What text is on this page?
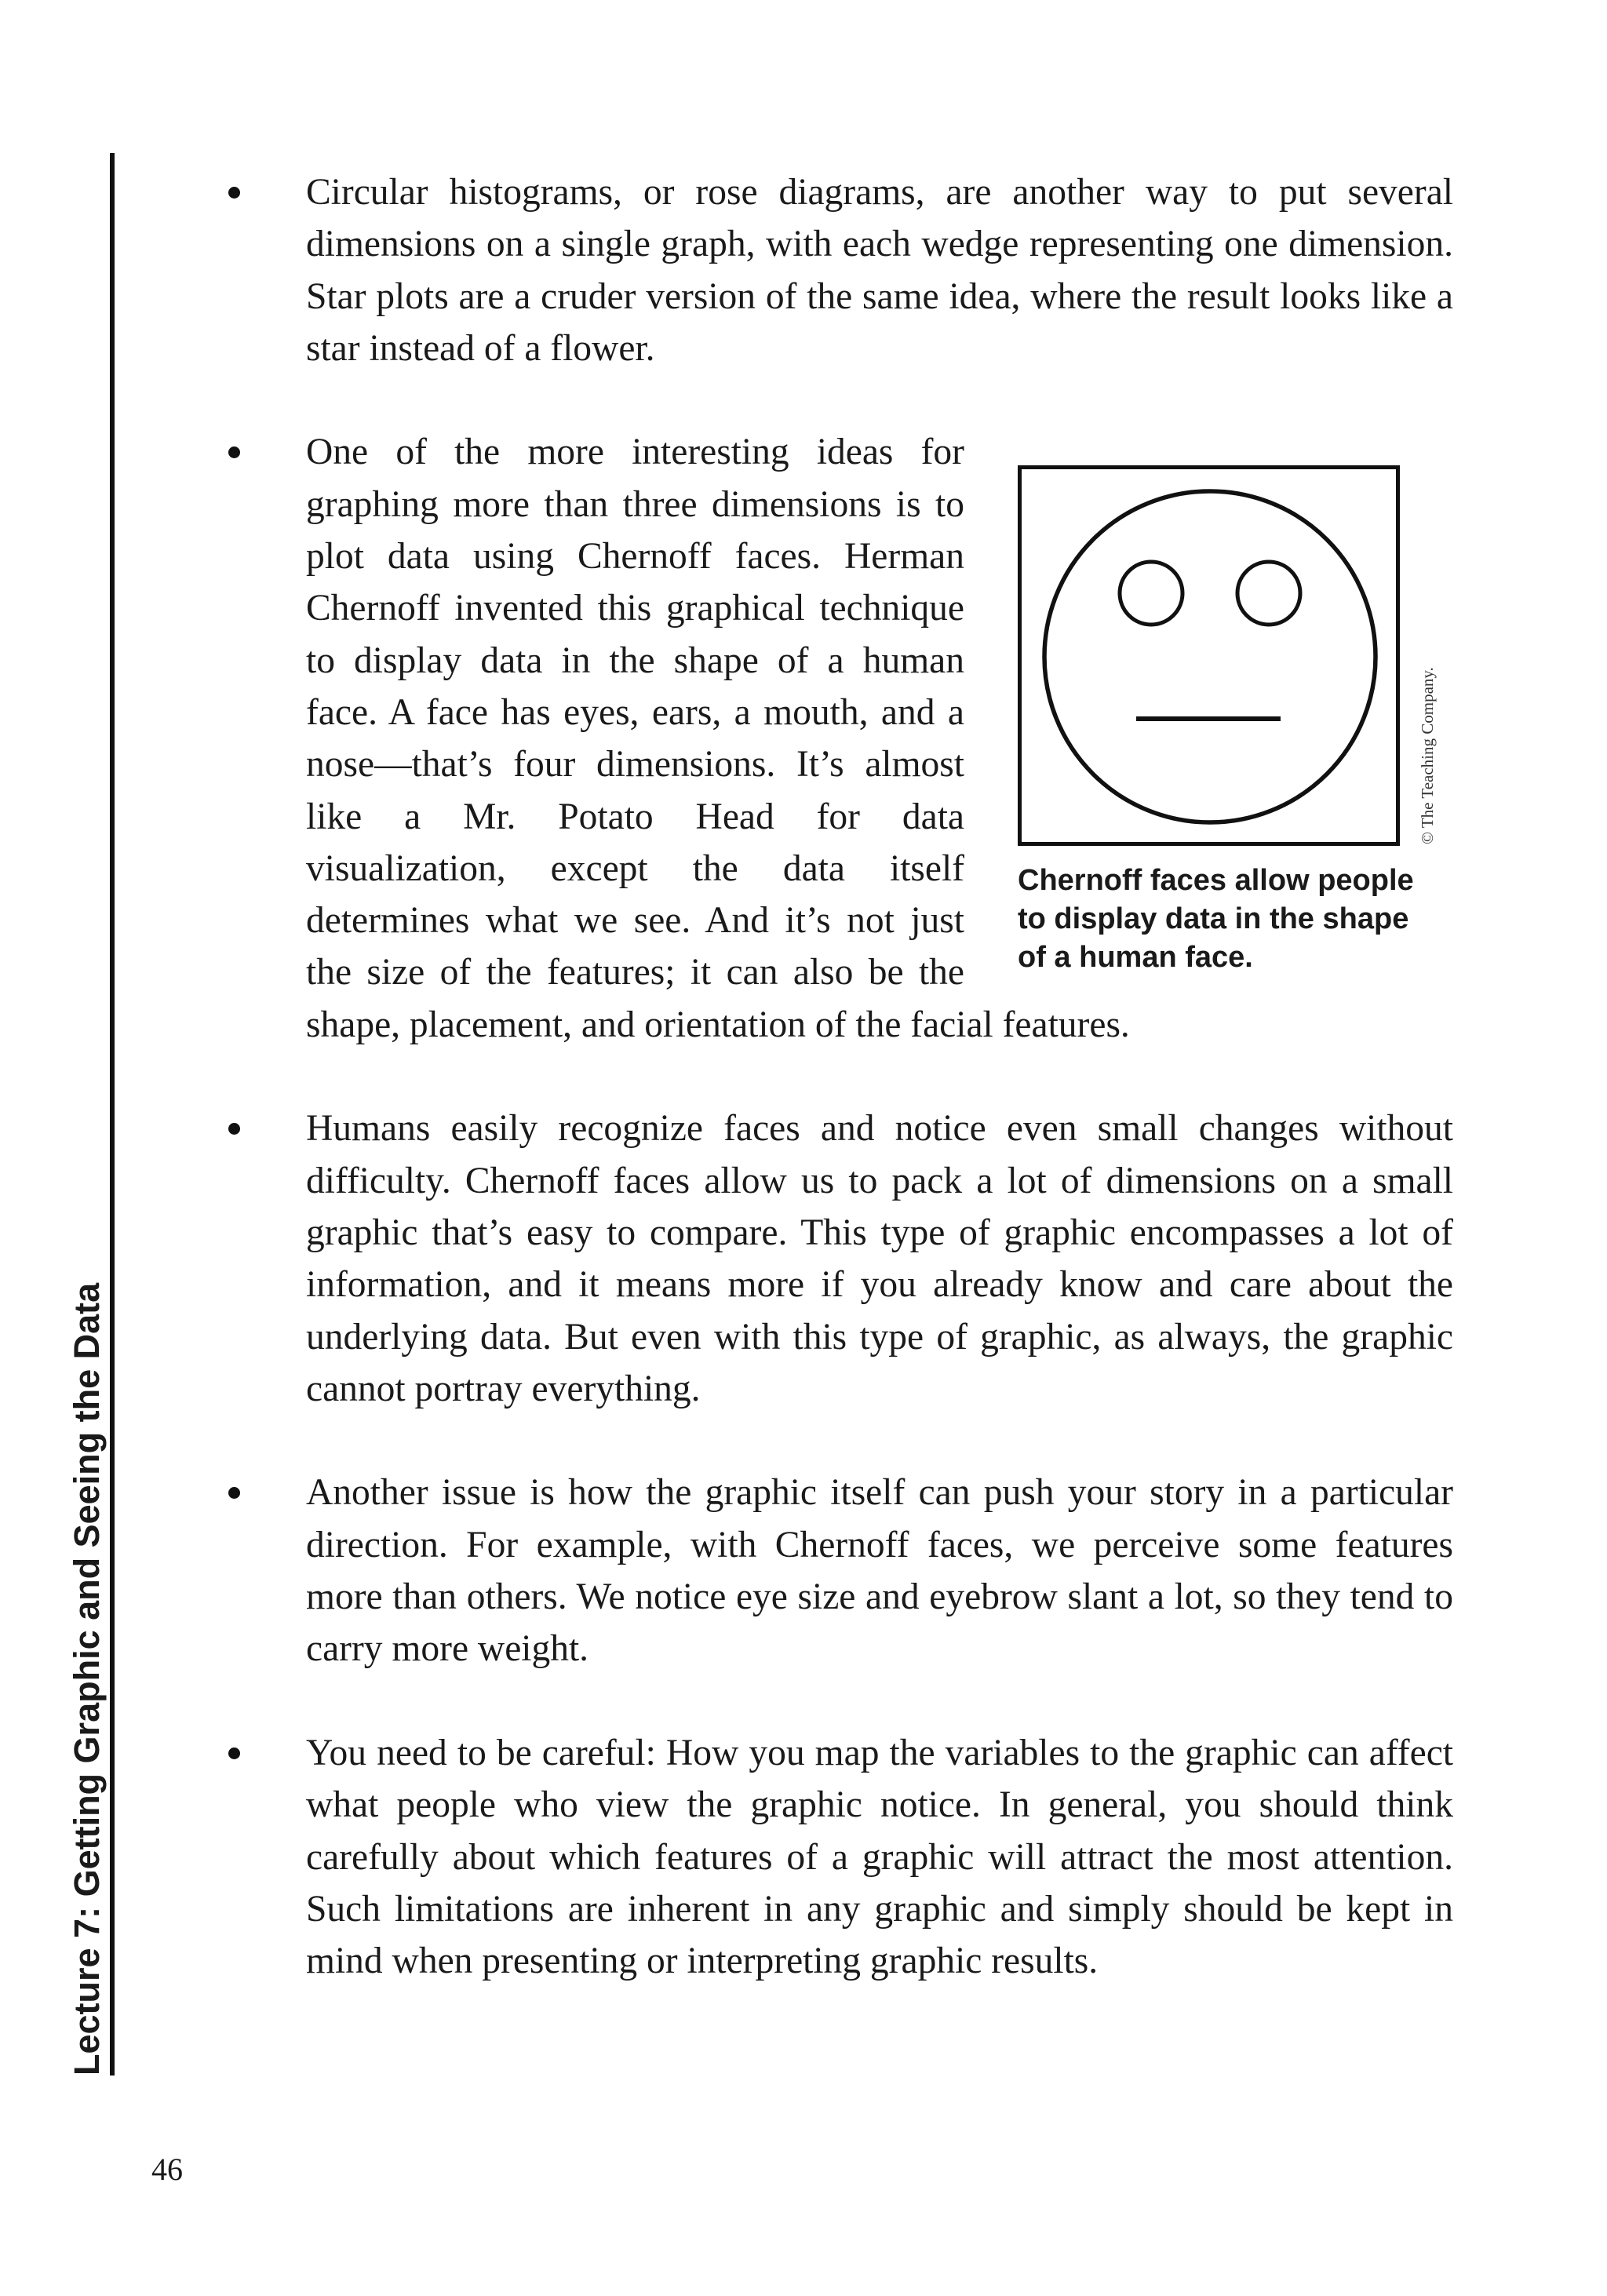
Lecture 7: Getting Graphic and Seeing the Data

Circular histograms, or rose diagrams, are another way to put several dimensions on a single graph, with each wedge representing one dimension. Star plots are a cruder version of the same idea, where the result looks like a star instead of a flower.

© The Teaching Company.
Chernoff faces allow people to display data in the shape of a human face.

One of the more interesting ideas for graphing more than three dimensions is to plot data using Chernoff faces. Herman Chernoff invented this graphical technique to display data in the shape of a human face. A face has eyes, ears, a mouth, and a nose—that’s four dimensions. It’s almost like a Mr. Potato Head for data visualization, except the data itself determines what we see. And it’s not just the size of the features; it can also be the shape, placement, and orientation of the facial features.

Humans easily recognize faces and notice even small changes without difficulty. Chernoff faces allow us to pack a lot of dimensions on a small graphic that’s easy to compare. This type of graphic encompasses a lot of information, and it means more if you already know and care about the underlying data. But even with this type of graphic, as always, the graphic cannot portray everything.

Another issue is how the graphic itself can push your story in a particular direction. For example, with Chernoff faces, we perceive some features more than others. We notice eye size and eyebrow slant a lot, so they tend to carry more weight.

You need to be careful: How you map the variables to the graphic can affect what people who view the graphic notice. In general, you should think carefully about which features of a graphic will attract the most attention. Such limitations are inherent in any graphic and simply should be kept in mind when presenting or interpreting graphic results.

46
